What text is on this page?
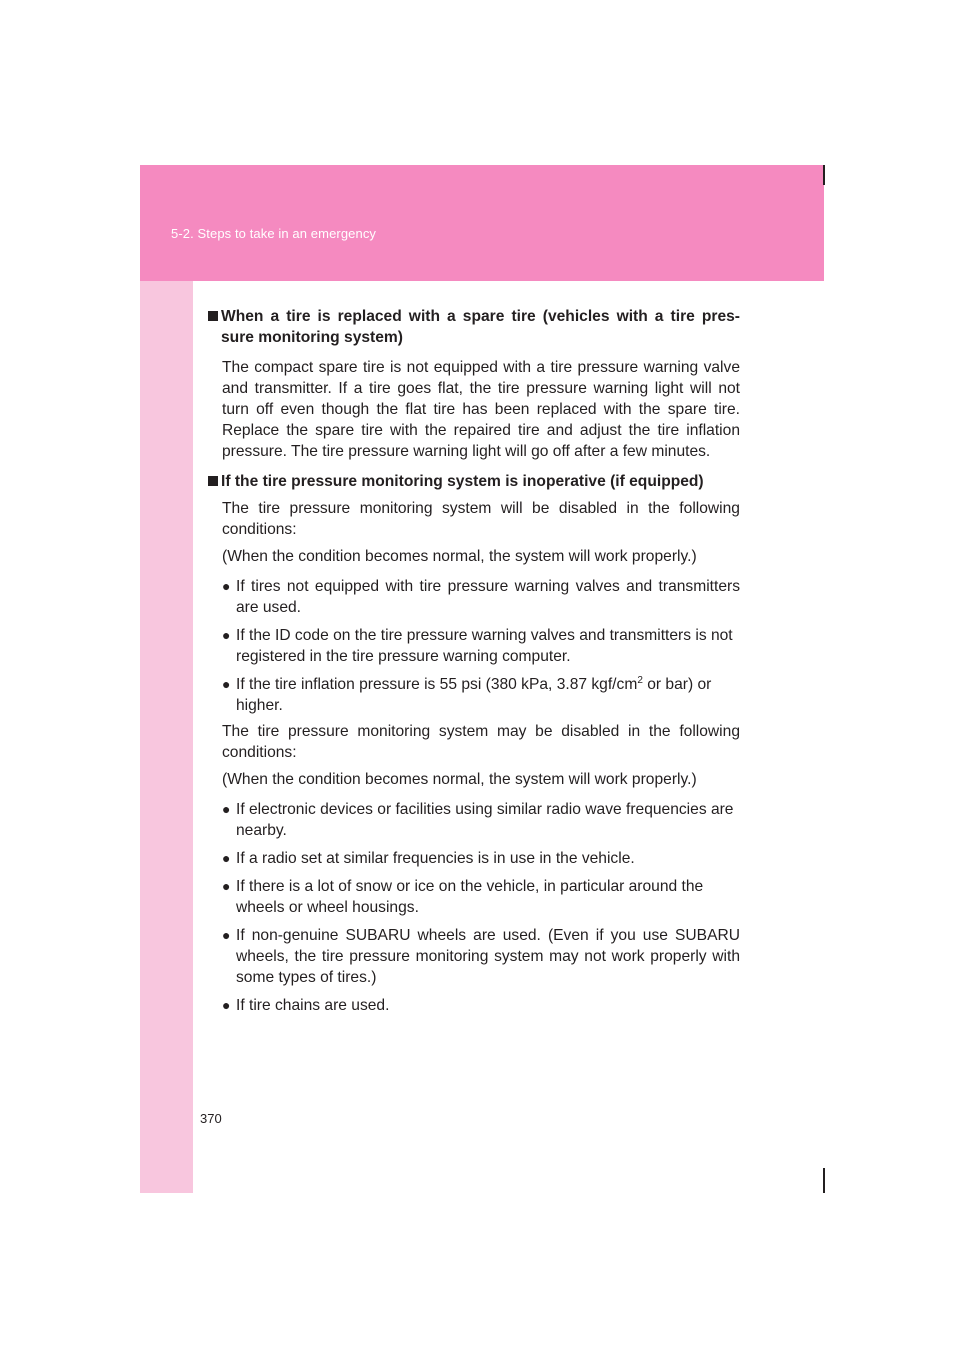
5-2. Steps to take in an emergency
370
When a tire is replaced with a spare tire (vehicles with a tire pres-
sure monitoring system)

The compact spare tire is not equipped with a tire pressure warning valve and transmitter. If a tire goes flat, the tire pressure warning light will not turn off even though the flat tire has been replaced with the spare tire. Replace the spare tire with the repaired tire and adjust the tire inflation pressure. The tire pressure warning light will go off after a few minutes.

If the tire pressure monitoring system is inoperative (if equipped)

The tire pressure monitoring system will be disabled in the following conditions:

(When the condition becomes normal, the system will work properly.)

● If tires not equipped with tire pressure warning valves and transmitters are used.
● If the ID code on the tire pressure warning valves and transmitters is not registered in the tire pressure warning computer.
● If the tire inflation pressure is 55 psi (380 kPa, 3.87 kgf/$cm^2$ or bar) or higher.

The tire pressure monitoring system may be disabled in the following conditions:

(When the condition becomes normal, the system will work properly.)

● If electronic devices or facilities using similar radio wave frequencies are nearby.
● If a radio set at similar frequencies is in use in the vehicle.
● If there is a lot of snow or ice on the vehicle, in particular around the wheels or wheel housings.
● If non-genuine SUBARU wheels are used. (Even if you use SUBARU wheels, the tire pressure monitoring system may not work properly with some types of tires.)
● If tire chains are used.
